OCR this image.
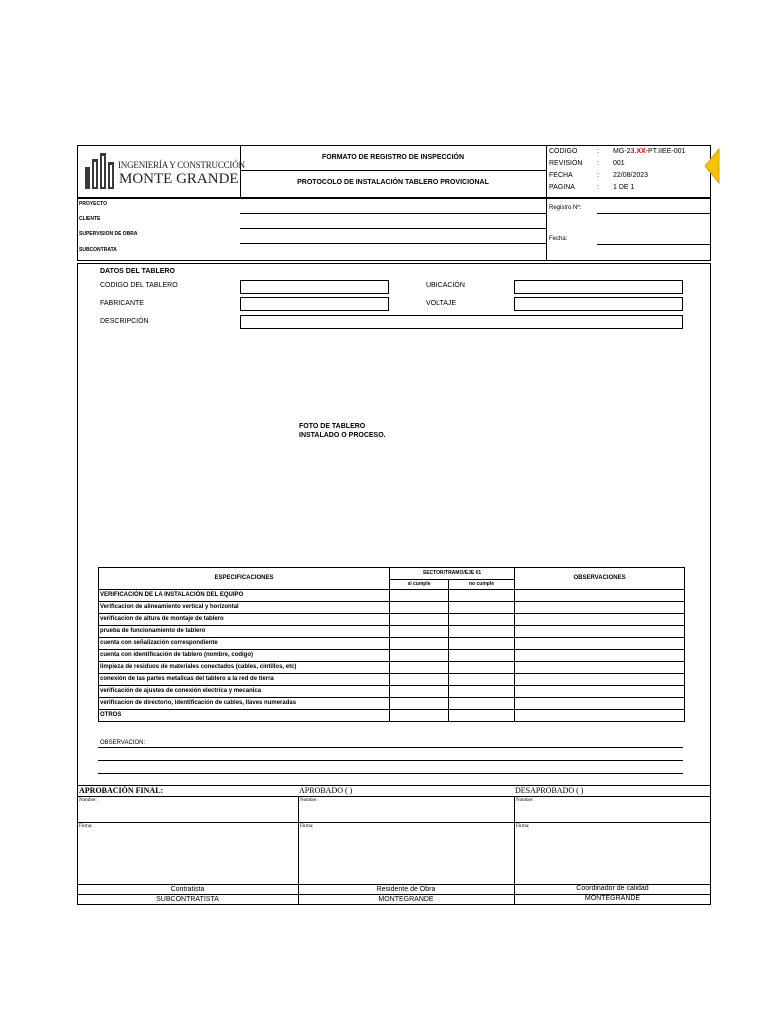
INGENIERÍA Y CONSTRUCCIÓN
MONTE GRANDE
FORMATO DE REGISTRO DE INSPECCIÓN
PROTOCOLO DE INSTALACIÓN TABLERO PROVICIONAL
CODIGO	: MG-23.XX-PT.IIEE-001
REVISIÓN : 001
FECHA	: 22/08/2023
PAGINA	: 1 DE 1
PROYECTO
CLIENTE
SUPERVISION DE OBRA
SUBCONTRATA
Registro Nº:
Fecha:
DATOS DEL TABLERO
CODIGO DEL TABLERO	UBICACIÓN
FABRICANTE	VOLTAJE
DESCRIPCIÓN
FOTO DE TABLERO
INSTALADO O PROCESO.
ESPECIFICACIONES	SECTOR/TRAMO/EJE 01		OBSERVACIONES
	si cumple	no cumple	
VERIFICACIÓN DE LA INSTALACIÓN DEL EQUIPO			
Verificacion de alineamiento vertical y horizontal			
verificacion de altura de montaje de tablero			
prueba de funcionamiento de tablero			
cuenta con señalización correspondiente			
cuenta con identificación de tablero (nombre, codigo)			
limpieza de residuos de materiales conectados (cables, cintillos, etc)			
conexión de las partes metalicas del tablero a la red de tierra			
verificación de ajustes de conexión electrica y mecanica			
verificacion de directorio, identificación de cables, llaves numeradas			
OTROS			
OBSERVACION:
APROBACIÓN FINAL:	APROBADO ( )	DESAPROBADO ( )
Nombre:	Nombre:	Nombre:
Firma:	Firma:	Firma:
Contratista	Residente de Obra	Coordinador de calidad
SUBCONTRATISTA	MONTEGRANDE	MONTEGRANDE
